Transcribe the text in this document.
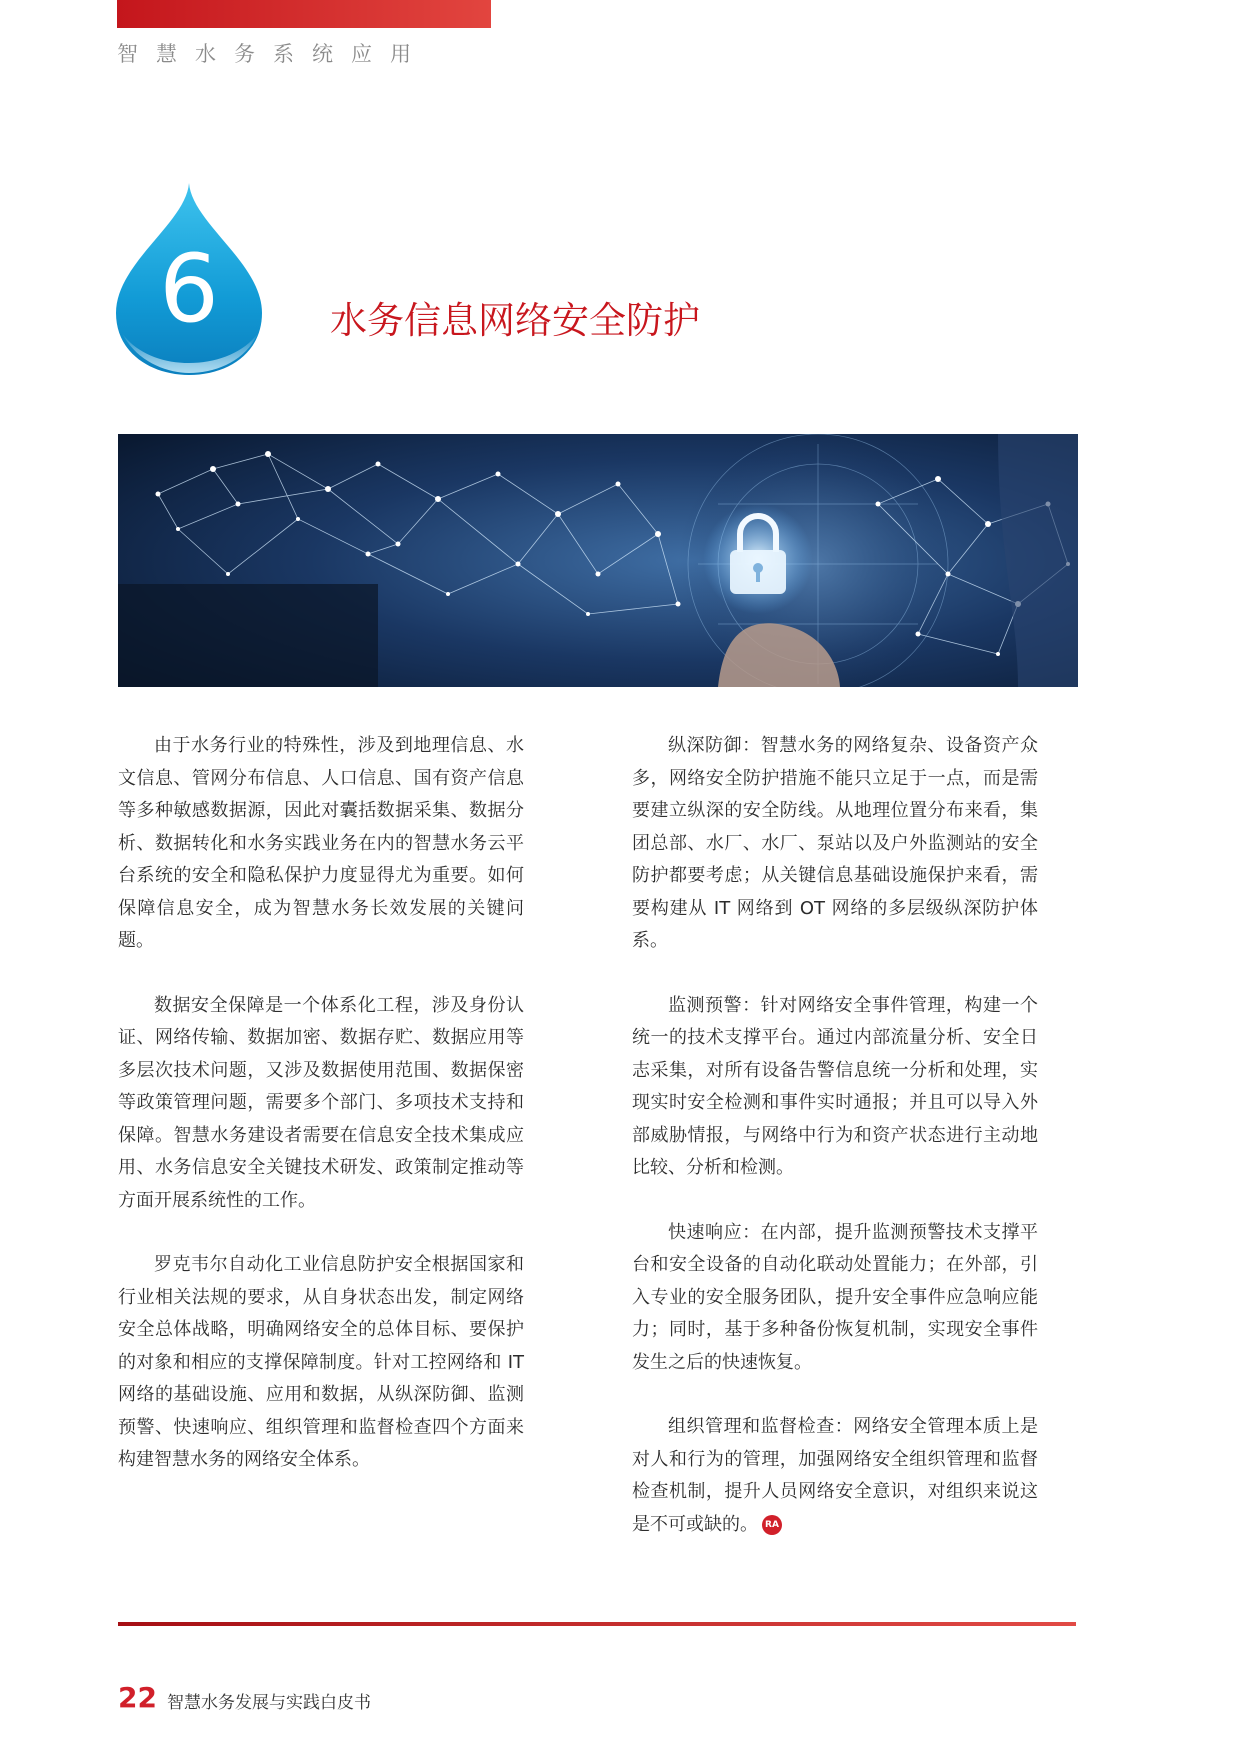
智慧水务系统应用
6	水务信息网络安全防护

由于水务行业的特殊性，涉及到地理信息、水文信息、管网分布信息、人口信息、国有资产信息等多种敏感数据源，因此对囊括数据采集、数据分析、数据转化和水务实践业务在内的智慧水务云平台系统的安全和隐私保护力度显得尤为重要。如何保障信息安全，成为智慧水务长效发展的关键问题。

数据安全保障是一个体系化工程，涉及身份认证、网络传输、数据加密、数据存贮、数据应用等多层次技术问题，又涉及数据使用范围、数据保密等政策管理问题，需要多个部门、多项技术支持和保障。智慧水务建设者需要在信息安全技术集成应用、水务信息安全关键技术研发、政策制定推动等方面开展系统性的工作。

罗克韦尔自动化工业信息防护安全根据国家和行业相关法规的要求，从自身状态出发，制定网络安全总体战略，明确网络安全的总体目标、要保护的对象和相应的支撑保障制度。针对工控网络和 IT 网络的基础设施、应用和数据，从纵深防御、监测预警、快速响应、组织管理和监督检查四个方面来构建智慧水务的网络安全体系。

纵深防御：智慧水务的网络复杂、设备资产众多，网络安全防护措施不能只立足于一点，而是需要建立纵深的安全防线。从地理位置分布来看，集团总部、水厂、水厂、泵站以及户外监测站的安全防护都要考虑；从关键信息基础设施保护来看，需要构建从 IT 网络到 OT 网络的多层级纵深防护体系。

监测预警：针对网络安全事件管理，构建一个统一的技术支撑平台。通过内部流量分析、安全日志采集，对所有设备告警信息统一分析和处理，实现实时安全检测和事件实时通报；并且可以导入外部威胁情报，与网络中行为和资产状态进行主动地比较、分析和检测。

快速响应：在内部，提升监测预警技术支撑平台和安全设备的自动化联动处置能力；在外部，引入专业的安全服务团队，提升安全事件应急响应能力；同时，基于多种备份恢复机制，实现安全事件发生之后的快速恢复。

组织管理和监督检查：网络安全管理本质上是对人和行为的管理，加强网络安全组织管理和监督检查机制，提升人员网络安全意识，对组织来说这是不可或缺的。 RA

22 智慧水务发展与实践白皮书
